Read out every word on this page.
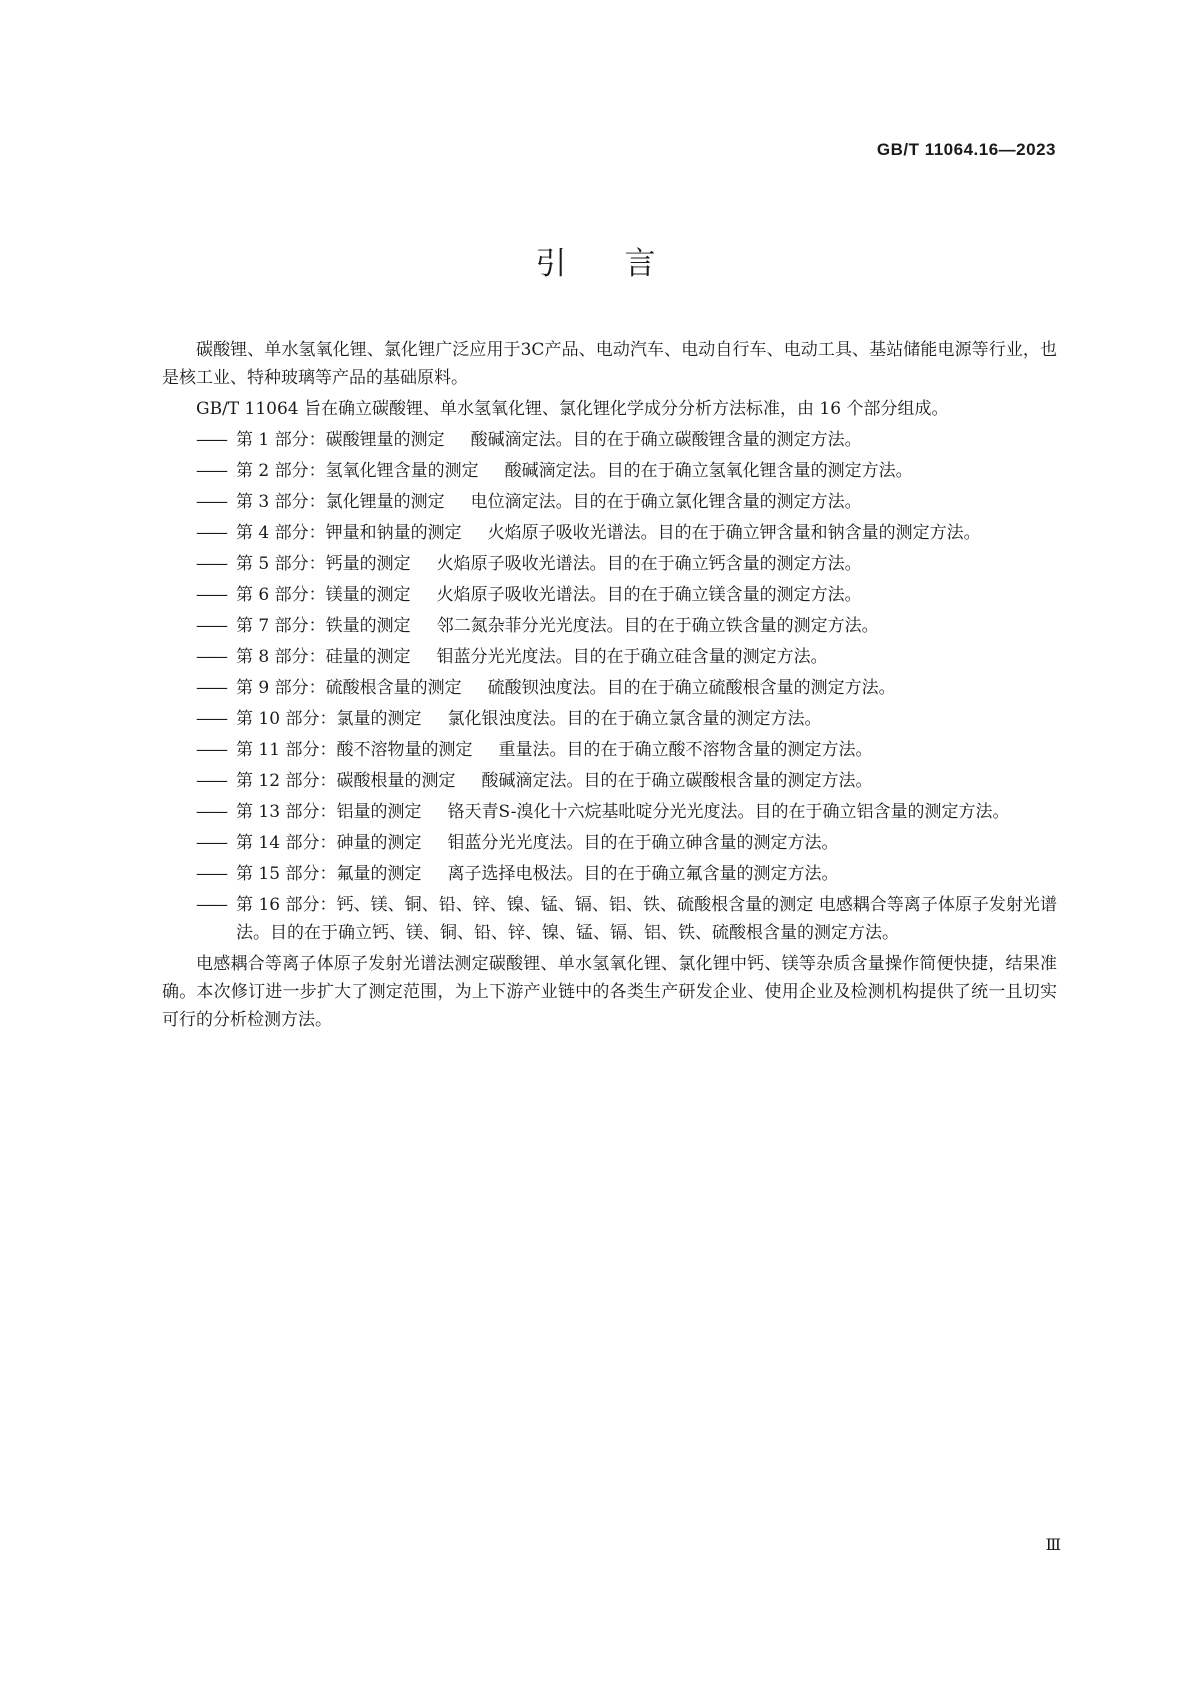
GB/T 11064.16—2023
引言

碳酸锂、单水氢氧化锂、氯化锂广泛应用于3C产品、电动汽车、电动自行车、电动工具、基站储能电源等行业，也是核工业、特种玻璃等产品的基础原料。

GB/T 11064 旨在确立碳酸锂、单水氢氧化锂、氯化锂化学成分分析方法标准，由 16 个部分组成。

—— 第 1 部分：碳酸锂量的测定 酸碱滴定法。目的在于确立碳酸锂含量的测定方法。
—— 第 2 部分：氢氧化锂含量的测定 酸碱滴定法。目的在于确立氢氧化锂含量的测定方法。
—— 第 3 部分：氯化锂量的测定 电位滴定法。目的在于确立氯化锂含量的测定方法。
—— 第 4 部分：钾量和钠量的测定 火焰原子吸收光谱法。目的在于确立钾含量和钠含量的测定方法。
—— 第 5 部分：钙量的测定 火焰原子吸收光谱法。目的在于确立钙含量的测定方法。
—— 第 6 部分：镁量的测定 火焰原子吸收光谱法。目的在于确立镁含量的测定方法。
—— 第 7 部分：铁量的测定 邻二氮杂菲分光光度法。目的在于确立铁含量的测定方法。
—— 第 8 部分：硅量的测定 钼蓝分光光度法。目的在于确立硅含量的测定方法。
—— 第 9 部分：硫酸根含量的测定 硫酸钡浊度法。目的在于确立硫酸根含量的测定方法。
—— 第 10 部分：氯量的测定 氯化银浊度法。目的在于确立氯含量的测定方法。
—— 第 11 部分：酸不溶物量的测定 重量法。目的在于确立酸不溶物含量的测定方法。
—— 第 12 部分：碳酸根量的测定 酸碱滴定法。目的在于确立碳酸根含量的测定方法。
—— 第 13 部分：铝量的测定 铬天青S-溴化十六烷基吡啶分光光度法。目的在于确立铝含量的测定方法。
—— 第 14 部分：砷量的测定 钼蓝分光光度法。目的在于确立砷含量的测定方法。
—— 第 15 部分：氟量的测定 离子选择电极法。目的在于确立氟含量的测定方法。
—— 第 16 部分：钙、镁、铜、铅、锌、镍、锰、镉、铝、铁、硫酸根含量的测定 电感耦合等离子体原子发射光谱法。目的在于确立钙、镁、铜、铅、锌、镍、锰、镉、铝、铁、硫酸根含量的测定方法。

电感耦合等离子体原子发射光谱法测定碳酸锂、单水氢氧化锂、氯化锂中钙、镁等杂质含量操作简便快捷，结果准确。本次修订进一步扩大了测定范围，为上下游产业链中的各类生产研发企业、使用企业及检测机构提供了统一且切实可行的分析检测方法。

Ⅲ
